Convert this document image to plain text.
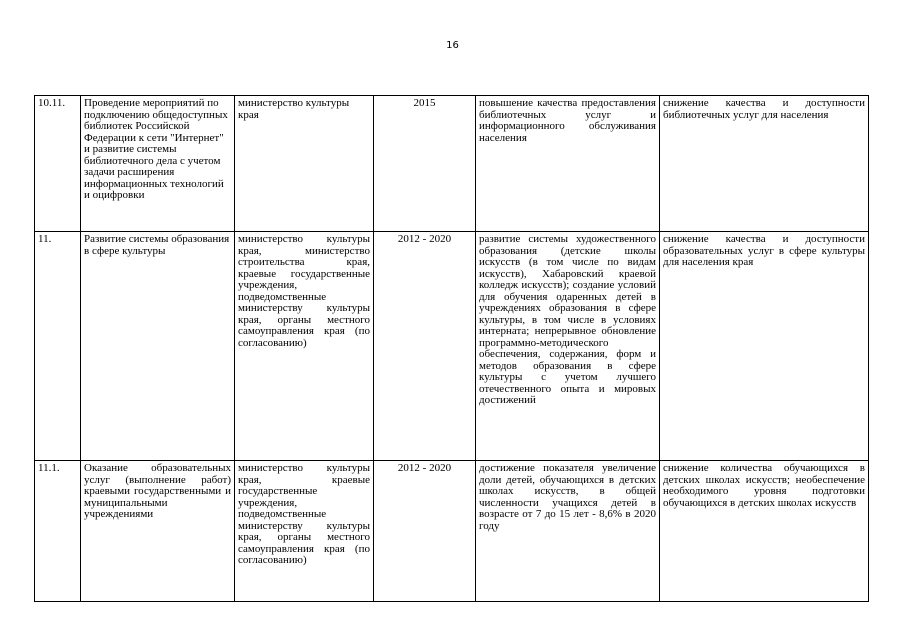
16
10.11.	Проведение мероприятий по подключению общедоступных библиотек Российской Федерации к сети "Интернет" и развитие системы библиотечного дела с учетом задачи расширения информационных технологий и оцифровки	министерство культуры края	2015	повышение качества предоставления библиотечных услуг и информационного обслуживания населения	снижение качества и доступности библиотечных услуг для населения
11.	Развитие системы образования в сфере культуры	министерство культуры края, министерство строительства края, краевые государственные учреждения, подведомственные министерству культуры края, органы местного самоуправления края (по согласованию)	2012 - 2020	развитие системы художественного образования (детские школы искусств (в том числе по видам искусств), Хабаровский краевой колледж искусств); создание условий для обучения одаренных детей в учреждениях образования в сфере культуры, в том числе в условиях интерната; непрерывное обновление программно-методического обеспечения, содержания, форм и методов образования в сфере культуры с учетом лучшего отечественного опыта и мировых достижений	снижение качества и доступности образовательных услуг в сфере культуры для населения края
11.1.	Оказание образовательных услуг (выполнение работ) краевыми государственными и муниципальными учреждениями	министерство культуры края, краевые государственные учреждения, подведомственные министерству культуры края, органы местного самоуправления края (по согласованию)	2012 - 2020	достижение показателя увеличение доли детей, обучающихся в детских школах искусств, в общей численности учащихся детей в возрасте от 7 до 15 лет - 8,6% в 2020 году	снижение количества обучающихся в детских школах искусств; необеспечение необходимого уровня подготовки обучающихся в детских школах искусств
